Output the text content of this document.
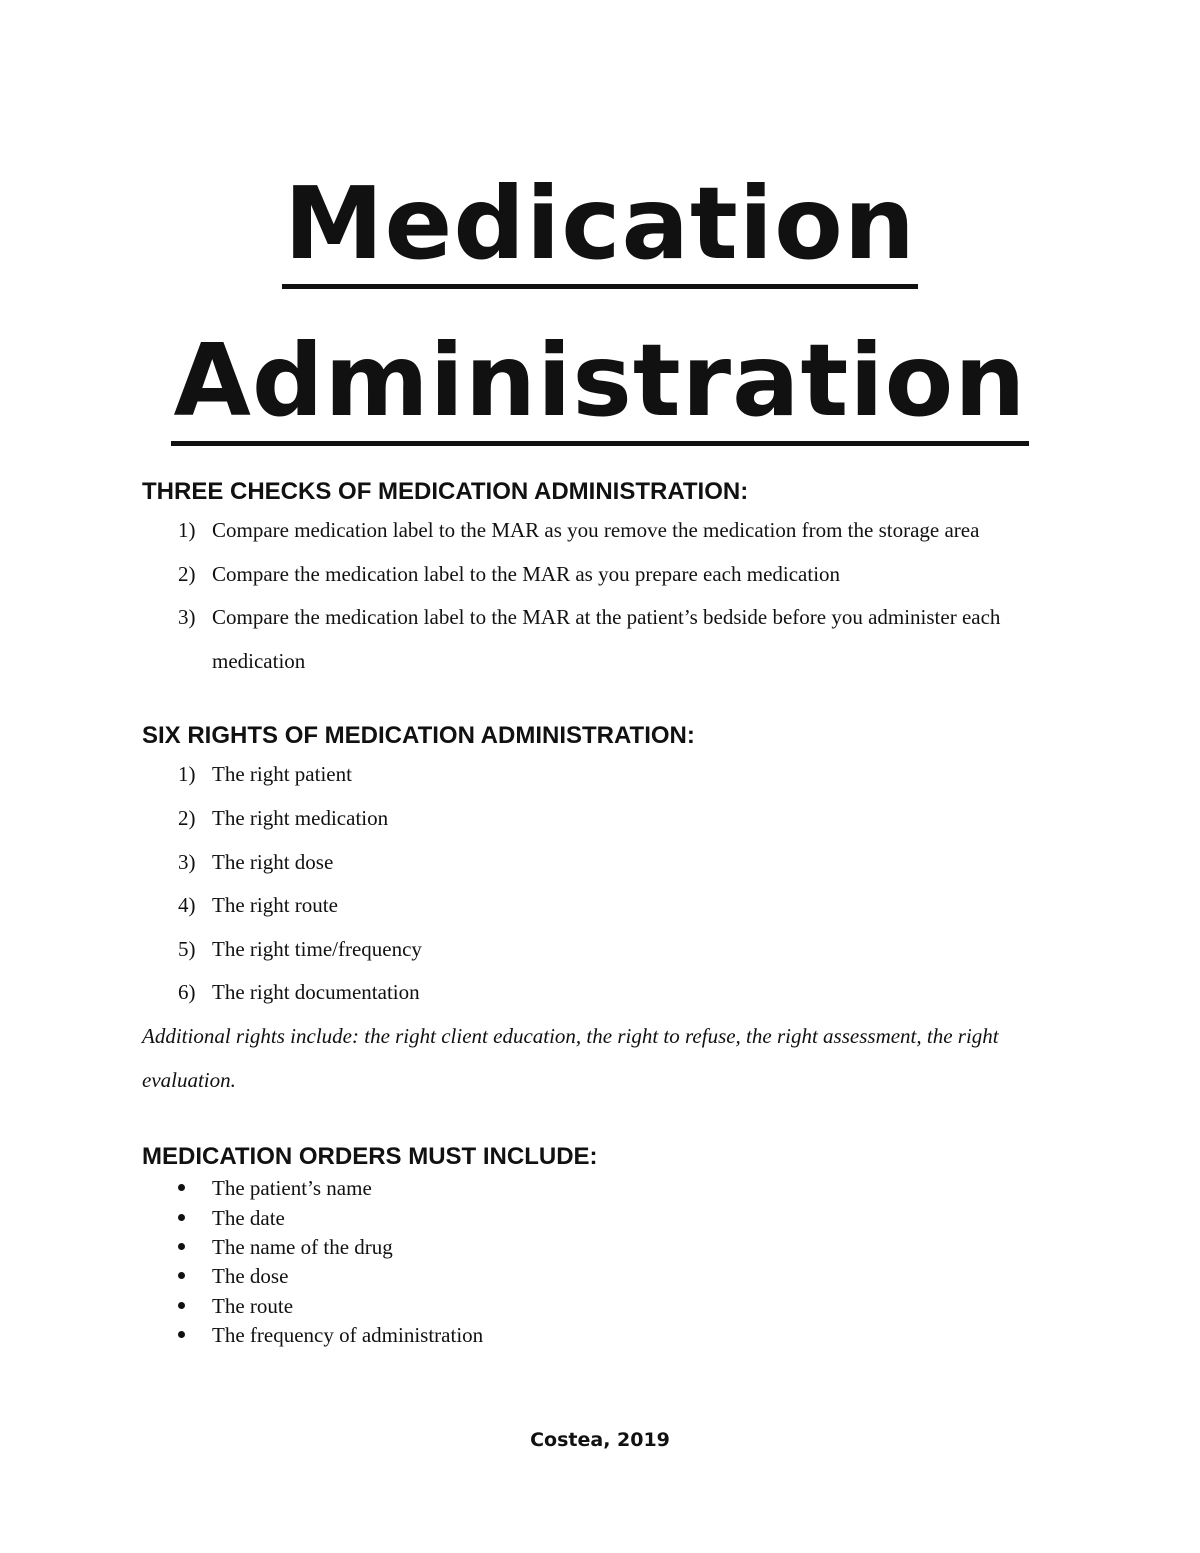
Medication
Administration
THREE CHECKS OF MEDICATION ADMINISTRATION:
1) Compare medication label to the MAR as you remove the medication from the storage area
2) Compare the medication label to the MAR as you prepare each medication
3) Compare the medication label to the MAR at the patient’s bedside before you administer each medication
SIX RIGHTS OF MEDICATION ADMINISTRATION:
1) The right patient
2) The right medication
3) The right dose
4) The right route
5) The right time/frequency
6) The right documentation

Additional rights include: the right client education, the right to refuse, the right assessment, the right evaluation.

MEDICATION ORDERS MUST INCLUDE:
The patient’s name
The date
The name of the drug
The dose
The route
The frequency of administration
Costea, 2019
